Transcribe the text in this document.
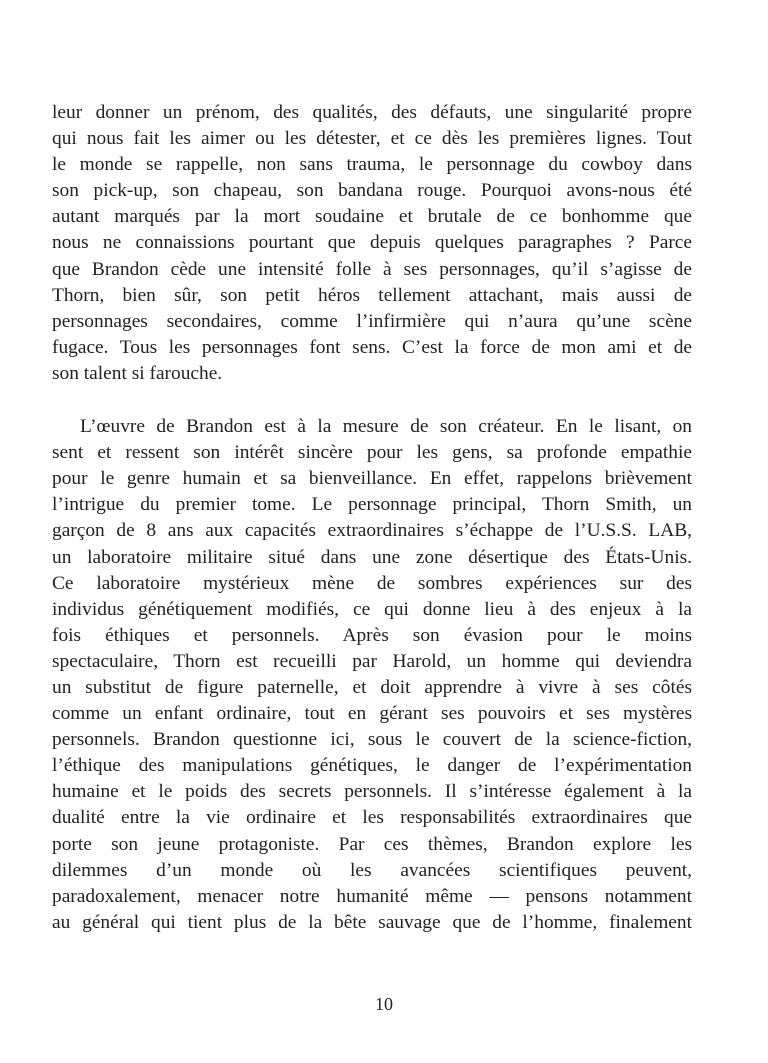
leur donner un prénom, des qualités, des défauts, une singularité propre
qui nous fait les aimer ou les détester, et ce dès les premières lignes. Tout
le monde se rappelle, non sans trauma, le personnage du cowboy dans
son pick-up, son chapeau, son bandana rouge. Pourquoi avons-nous été
autant marqués par la mort soudaine et brutale de ce bonhomme que
nous ne connaissions pourtant que depuis quelques paragraphes ? Parce
que Brandon cède une intensité folle à ses personnages, qu’il s’agisse de
Thorn, bien sûr, son petit héros tellement attachant, mais aussi de
personnages secondaires, comme l’infirmière qui n’aura qu’une scène
fugace. Tous les personnages font sens. C’est la force de mon ami et de
son talent si farouche.

L’œuvre de Brandon est à la mesure de son créateur. En le lisant, on
sent et ressent son intérêt sincère pour les gens, sa profonde empathie
pour le genre humain et sa bienveillance. En effet, rappelons brièvement
l’intrigue du premier tome. Le personnage principal, Thorn Smith, un
garçon de 8 ans aux capacités extraordinaires s’échappe de l’U.S.S. LAB,
un laboratoire militaire situé dans une zone désertique des États-Unis.
Ce laboratoire mystérieux mène de sombres expériences sur des
individus génétiquement modifiés, ce qui donne lieu à des enjeux à la
fois éthiques et personnels. Après son évasion pour le moins
spectaculaire, Thorn est recueilli par Harold, un homme qui deviendra
un substitut de figure paternelle, et doit apprendre à vivre à ses côtés
comme un enfant ordinaire, tout en gérant ses pouvoirs et ses mystères
personnels. Brandon questionne ici, sous le couvert de la science-fiction,
l’éthique des manipulations génétiques, le danger de l’expérimentation
humaine et le poids des secrets personnels. Il s’intéresse également à la
dualité entre la vie ordinaire et les responsabilités extraordinaires que
porte son jeune protagoniste. Par ces thèmes, Brandon explore les
dilemmes d’un monde où les avancées scientifiques peuvent,
paradoxalement, menacer notre humanité même — pensons notamment
au général qui tient plus de la bête sauvage que de l’homme, finalement

10
